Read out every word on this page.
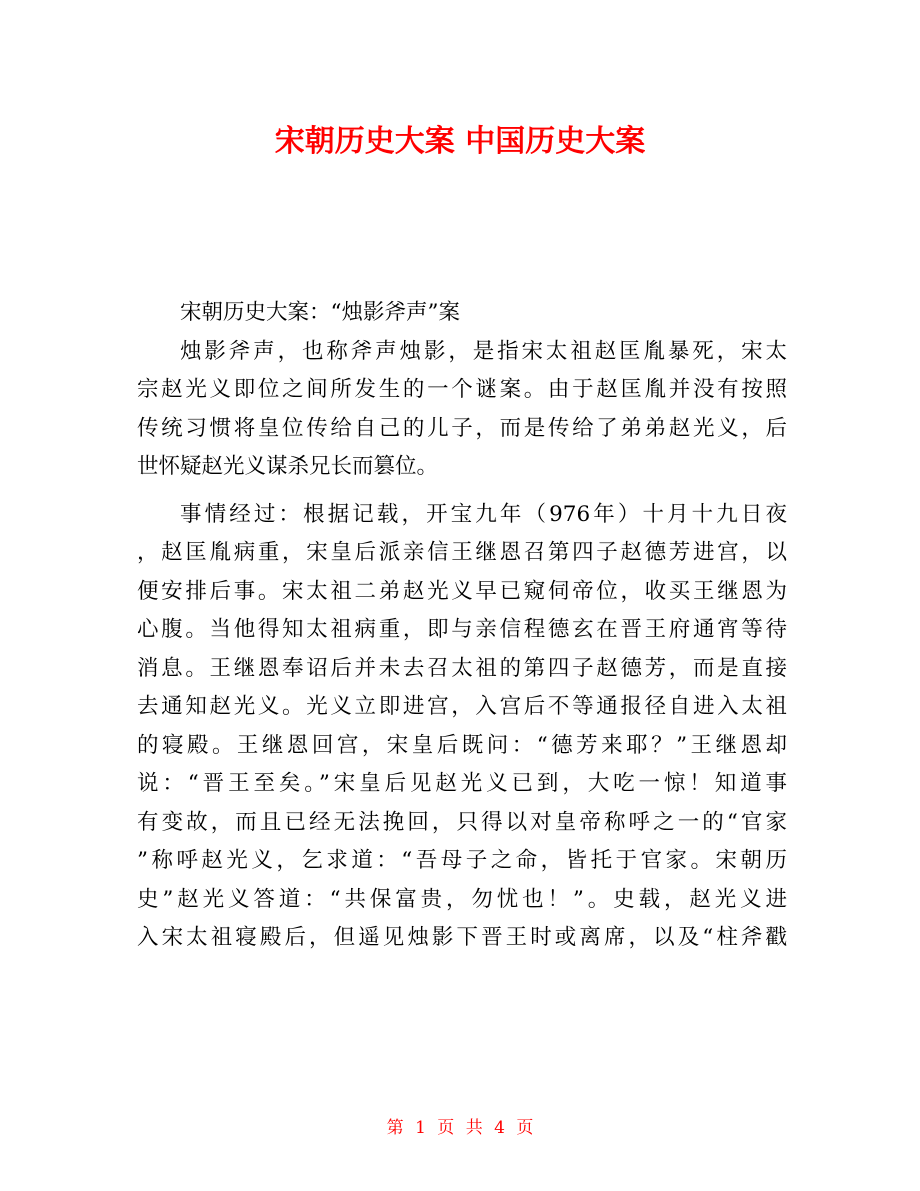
宋朝历史大案 中国历史大案
宋朝历史大案：“烛影斧声”案
烛影斧声，也称斧声烛影，是指宋太祖赵匡胤暴死，宋太
宗赵光义即位之间所发生的一个谜案。由于赵匡胤并没有按照
传统习惯将皇位传给自己的儿子，而是传给了弟弟赵光义，后
世怀疑赵光义谋杀兄长而篡位。
事情经过：根据记载，开宝九年（976年）十月十九日夜
，赵匡胤病重，宋皇后派亲信王继恩召第四子赵德芳进宫，以
便安排后事。宋太祖二弟赵光义早已窥伺帝位，收买王继恩为
心腹。当他得知太祖病重，即与亲信程德玄在晋王府通宵等待
消息。王继恩奉诏后并未去召太祖的第四子赵德芳，而是直接
去通知赵光义。光义立即进宫，入宫后不等通报径自进入太祖
的寝殿。王继恩回宫，宋皇后既问：“德芳来耶？”王继恩却
说：“晋王至矣。”宋皇后见赵光义已到，大吃一惊！知道事
有变故，而且已经无法挽回，只得以对皇帝称呼之一的“官家
”称呼赵光义，乞求道：“吾母子之命，皆托于官家。宋朝历
史”赵光义答道：“共保富贵，勿忧也！”。史载，赵光义进
入宋太祖寝殿后，但遥见烛影下晋王时或离席，以及“柱斧戳
第 1 页 共 4 页
